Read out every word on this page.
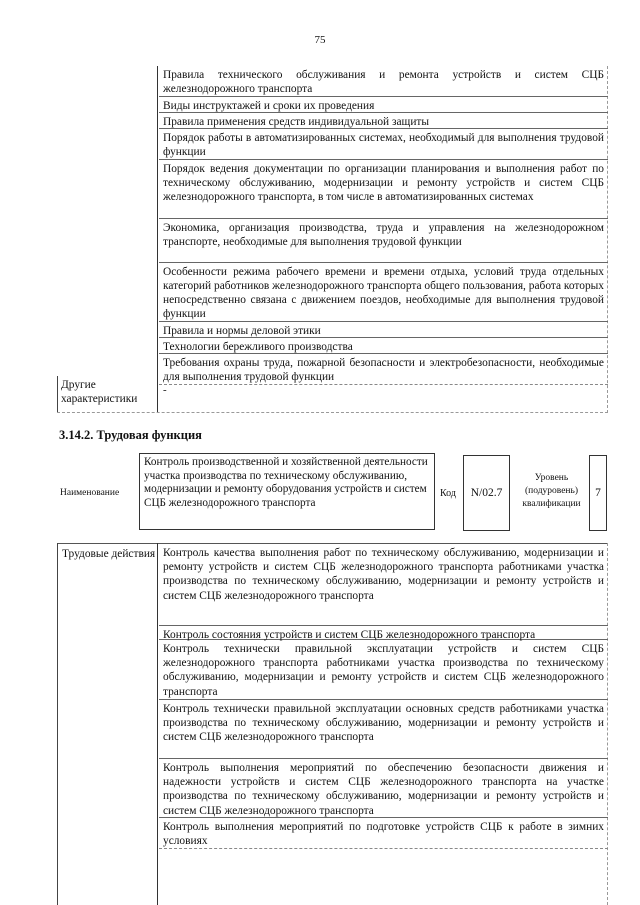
75
Правила технического обслуживания и ремонта устройств и систем СЦБ железнодорожного транспорта
Виды инструктажей и сроки их проведения
Правила применения средств индивидуальной защиты
Порядок работы в автоматизированных системах, необходимый для выполнения трудовой функции
Порядок ведения документации по организации планирования и выполнения работ по техническому обслуживанию, модернизации и ремонту устройств и систем СЦБ железнодорожного транспорта, в том числе в автоматизированных системах
Экономика, организация производства, труда и управления на железнодорожном транспорте, необходимые для выполнения трудовой функции
Особенности режима рабочего времени и времени отдыха, условий труда отдельных категорий работников железнодорожного транспорта общего пользования, работа которых непосредственно связана с движением поездов, необходимые для выполнения трудовой функции
Правила и нормы деловой этики
Технологии бережливого производства
Требования охраны труда, пожарной безопасности и электробезопасности, необходимые для выполнения трудовой функции
Другие характеристики
-
3.14.2. Трудовая функция
Наименование
Контроль производственной и хозяйственной деятельности участка производства по техническому обслуживанию, модернизации и ремонту оборудования устройств и систем СЦБ железнодорожного транспорта
Код	N/02.7
Уровень (подуровень) квалификации
7
Трудовые действия Контроль качества выполнения работ по техническому обслуживанию, модернизации и ремонту устройств и систем СЦБ железнодорожного транспорта работниками участка производства по техническому обслуживанию, модернизации и ремонту устройств и систем СЦБ железнодорожного транспорта
Контроль состояния устройств и систем СЦБ железнодорожного транспорта
Контроль технически правильной эксплуатации устройств и систем СЦБ железнодорожного транспорта работниками участка производства по техническому обслуживанию, модернизации и ремонту устройств и систем СЦБ железнодорожного транспорта
Контроль технически правильной эксплуатации основных средств работниками участка производства по техническому обслуживанию, модернизации и ремонту устройств и систем СЦБ железнодорожного транспорта
Контроль выполнения мероприятий по обеспечению безопасности движения и надежности устройств и систем СЦБ железнодорожного транспорта на участке производства по техническому обслуживанию, модернизации и ремонту устройств и систем СЦБ железнодорожного транспорта
Контроль выполнения мероприятий по подготовке устройств СЦБ к работе в зимних условиях
